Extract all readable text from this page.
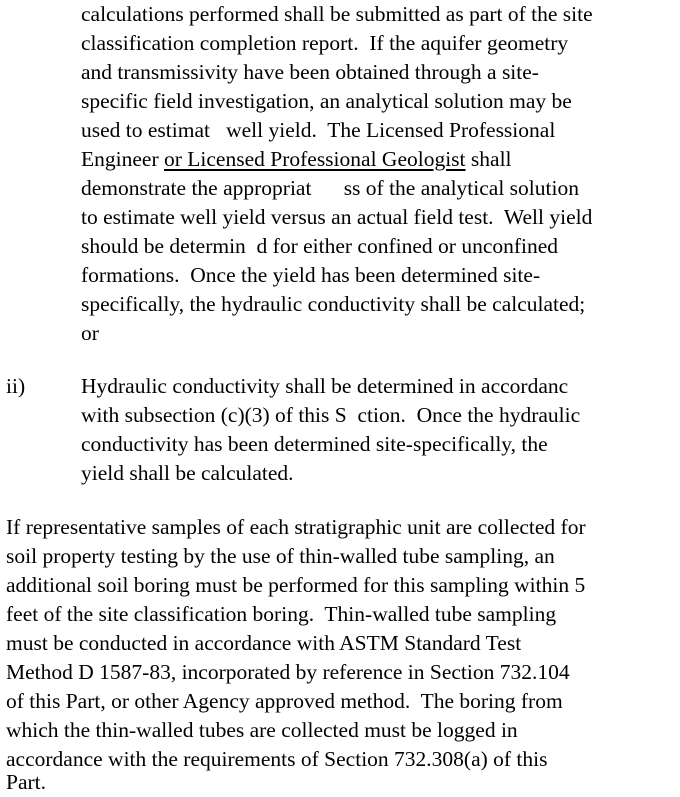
calculations performed shall be submitted as part of the site
classification completion report.  If the aquifer geometry
and transmissivity have been obtained through a site-
specific field investigation, an analytical solution may be
used to estimat   well yield.  The Licensed Professional
Engineer or Licensed Professional Geologist shall
demonstrate the appropriat      ss of the analytical solution
to estimate well yield versus an actual field test.  Well yield
should be determin  d for either confined or unconfined
formations.  Once the yield has been determined site-
specifically, the hydraulic conductivity shall be calculated;
or
ii)	Hydraulic conductivity shall be determined in accordanc
with subsection (c)(3) of this S  ction.  Once the hydraulic
conductivity has been determined site-specifically, the
yield shall be calculated.
If representative samples of each stratigraphic unit are collected for
soil property testing by the use of thin-walled tube sampling, an
additional soil boring must be performed for this sampling within 5
feet of the site classification boring.  Thin-walled tube sampling
must be conducted in accordance with ASTM Standard Test
Method D 1587-83, incorporated by reference in Section 732.104
of this Part, or other Agency approved method.  The boring from
which the thin-walled tubes are collected must be logged in
accordance with the requirements of Section 732.308(a) of this
Part.
